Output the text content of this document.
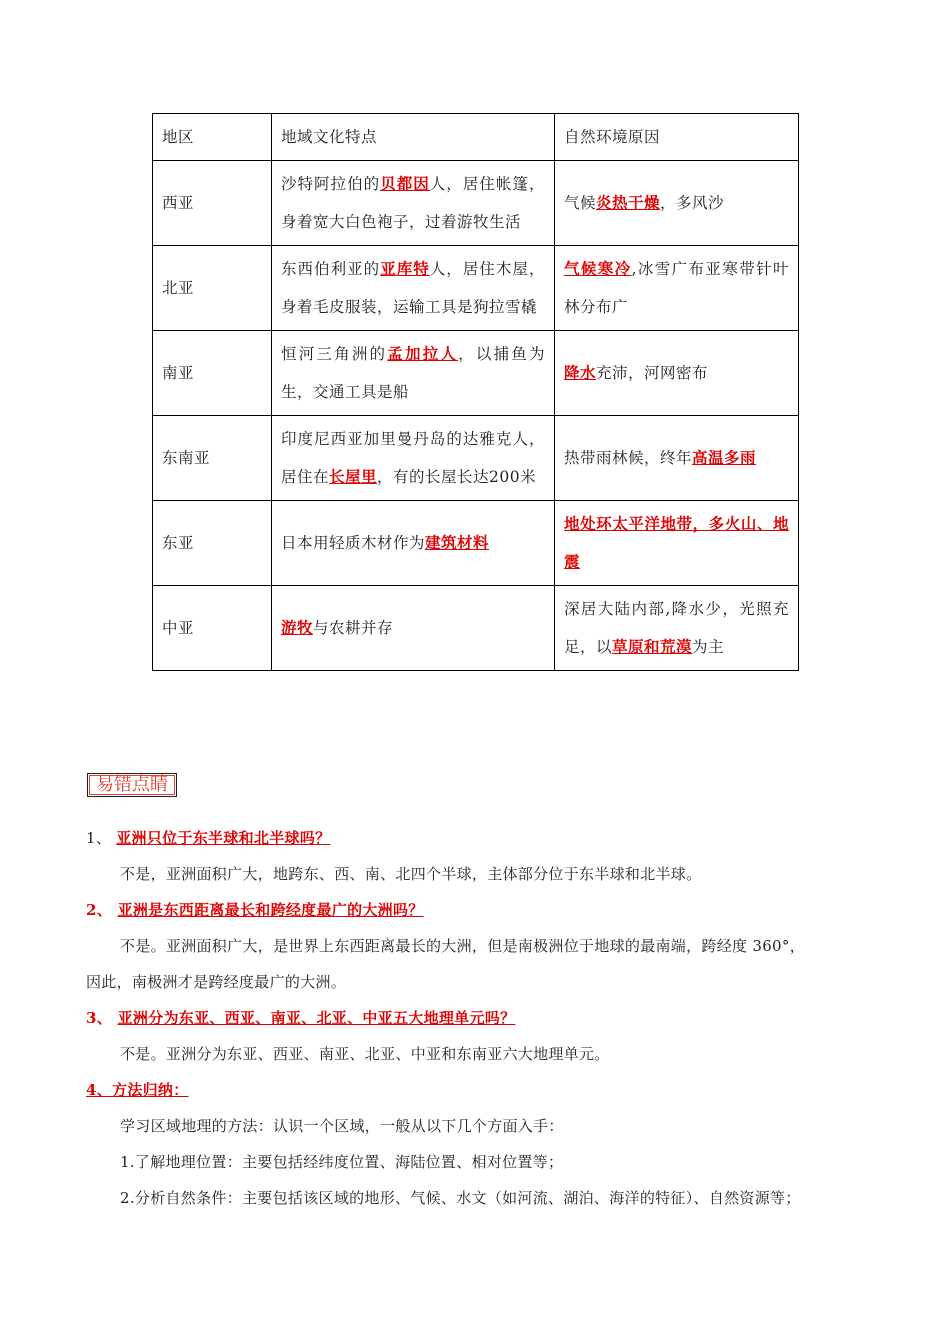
地区	地域文化特点	自然环境原因
西亚	沙特阿拉伯的贝都因人，居住帐篷，身着宽大白色袍子，过着游牧生活	气候炎热干燥，多风沙
北亚	东西伯利亚的亚库特人，居住木屋，身着毛皮服装，运输工具是狗拉雪橇	气候寒冷,冰雪广布亚寒带针叶林分布广
南亚	恒河三角洲的孟加拉人，以捕鱼为生，交通工具是船	降水充沛，河网密布
东南亚	印度尼西亚加里曼丹岛的达雅克人，居住在长屋里，有的长屋长达200米	热带雨林候，终年高温多雨
东亚	日本用轻质木材作为建筑材料	地处环太平洋地带，多火山、地震
中亚	游牧与农耕并存	深居大陆内部,降水少，光照充足，以草原和荒漠为主
易错点睛

1、 亚洲只位于东半球和北半球吗？

不是，亚洲面积广大，地跨东、西、南、北四个半球，主体部分位于东半球和北半球。

2、 亚洲是东西距离最长和跨经度最广的大洲吗？

不是。亚洲面积广大，是世界上东西距离最长的大洲，但是南极洲位于地球的最南端，跨经度 360°，

因此，南极洲才是跨经度最广的大洲。

3、 亚洲分为东亚、西亚、南亚、北亚、中亚五大地理单元吗？

不是。亚洲分为东亚、西亚、南亚、北亚、中亚和东南亚六大地理单元。

4、方法归纳：

学习区域地理的方法：认识一个区域，一般从以下几个方面入手：

1.了解地理位置：主要包括经纬度位置、海陆位置、相对位置等；

2.分析自然条件：主要包括该区域的地形、气候、水文（如河流、湖泊、海洋的特征）、自然资源等；
